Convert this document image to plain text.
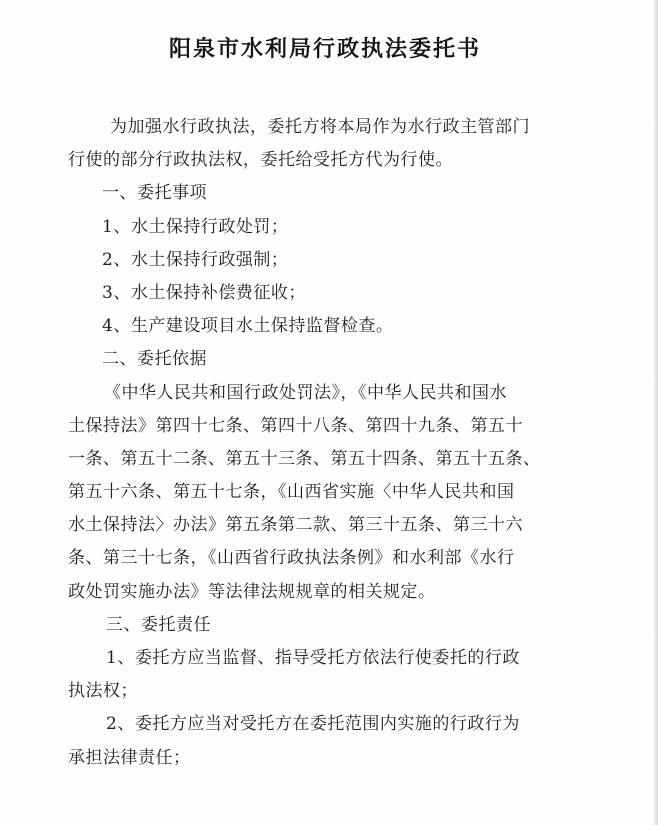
阳泉市水利局行政执法委托书
为加强水行政执法，委托方将本局作为水行政主管部门
行使的部分行政执法权，委托给受托方代为行使。
一、委托事项
1、水土保持行政处罚；
2、水土保持行政强制；
3、水土保持补偿费征收；
4、生产建设项目水土保持监督检查。
二、委托依据
《中华人民共和国行政处罚法》，《中华人民共和国水
土保持法》第四十七条、第四十八条、第四十九条、第五十
一条、第五十二条、第五十三条、第五十四条、第五十五条、
第五十六条、第五十七条，《山西省实施〈中华人民共和国
水土保持法〉办法》第五条第二款、第三十五条、第三十六
条、第三十七条，《山西省行政执法条例》和水利部《水行
政处罚实施办法》等法律法规规章的相关规定。
三、委托责任
1、委托方应当监督、指导受托方依法行使委托的行政
执法权；
2、委托方应当对受托方在委托范围内实施的行政行为
承担法律责任；
